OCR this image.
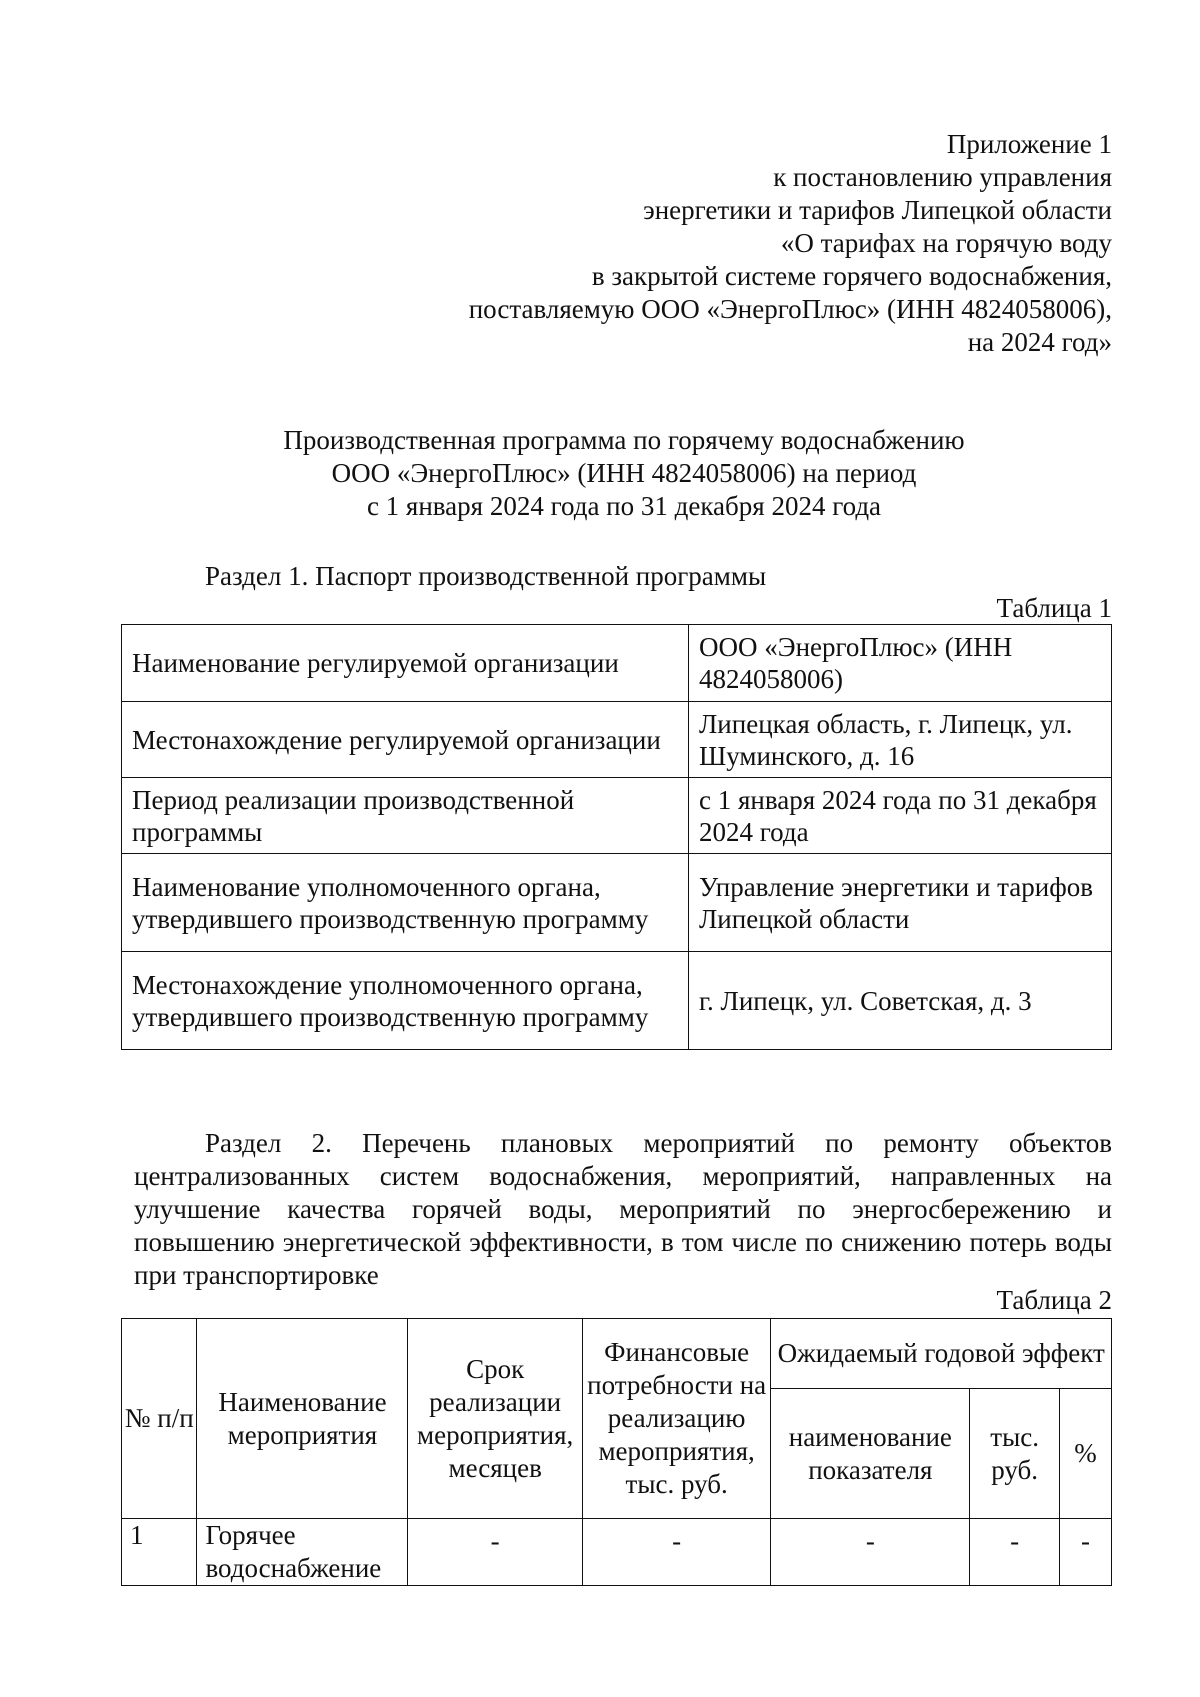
Приложение 1
к постановлению управления
энергетики и тарифов Липецкой области
«О тарифах на горячую воду
в закрытой системе горячего водоснабжения,
поставляемую ООО «ЭнергоПлюс» (ИНН 4824058006),
на 2024 год»
Производственная программа по горячему водоснабжению
ООО «ЭнергоПлюс» (ИНН 4824058006) на период
с 1 января 2024 года по 31 декабря 2024 года
Раздел 1. Паспорт производственной программы
Таблица 1
Наименование регулируемой организации	ООО «ЭнергоПлюс» (ИНН 4824058006)
Местонахождение регулируемой организации	Липецкая область, г. Липецк, ул. Шуминского, д. 16
Период реализации производственной программы	с 1 января 2024 года по 31 декабря 2024 года
Наименование уполномоченного органа, утвердившего производственную программу	Управление энергетики и тарифов Липецкой области
Местонахождение уполномоченного органа, утвердившего производственную программу	г. Липецк, ул. Советская, д. 3
Раздел 2. Перечень плановых мероприятий по ремонту объектов централизованных систем водоснабжения, мероприятий, направленных на улучшение качества горячей воды, мероприятий по энергосбережению и повышению энергетической эффективности, в том числе по снижению потерь воды при транспортировке
Таблица 2
№ п/п	Наименование мероприятия	Срок реализации мероприятия, месяцев	Финансовые потребности на реализацию мероприятия, тыс. руб.	Ожидаемый годовой эффект		
				наименование показателя	тыс. руб.	%
1	Горячее водоснабжение	-	-	-	-	-
